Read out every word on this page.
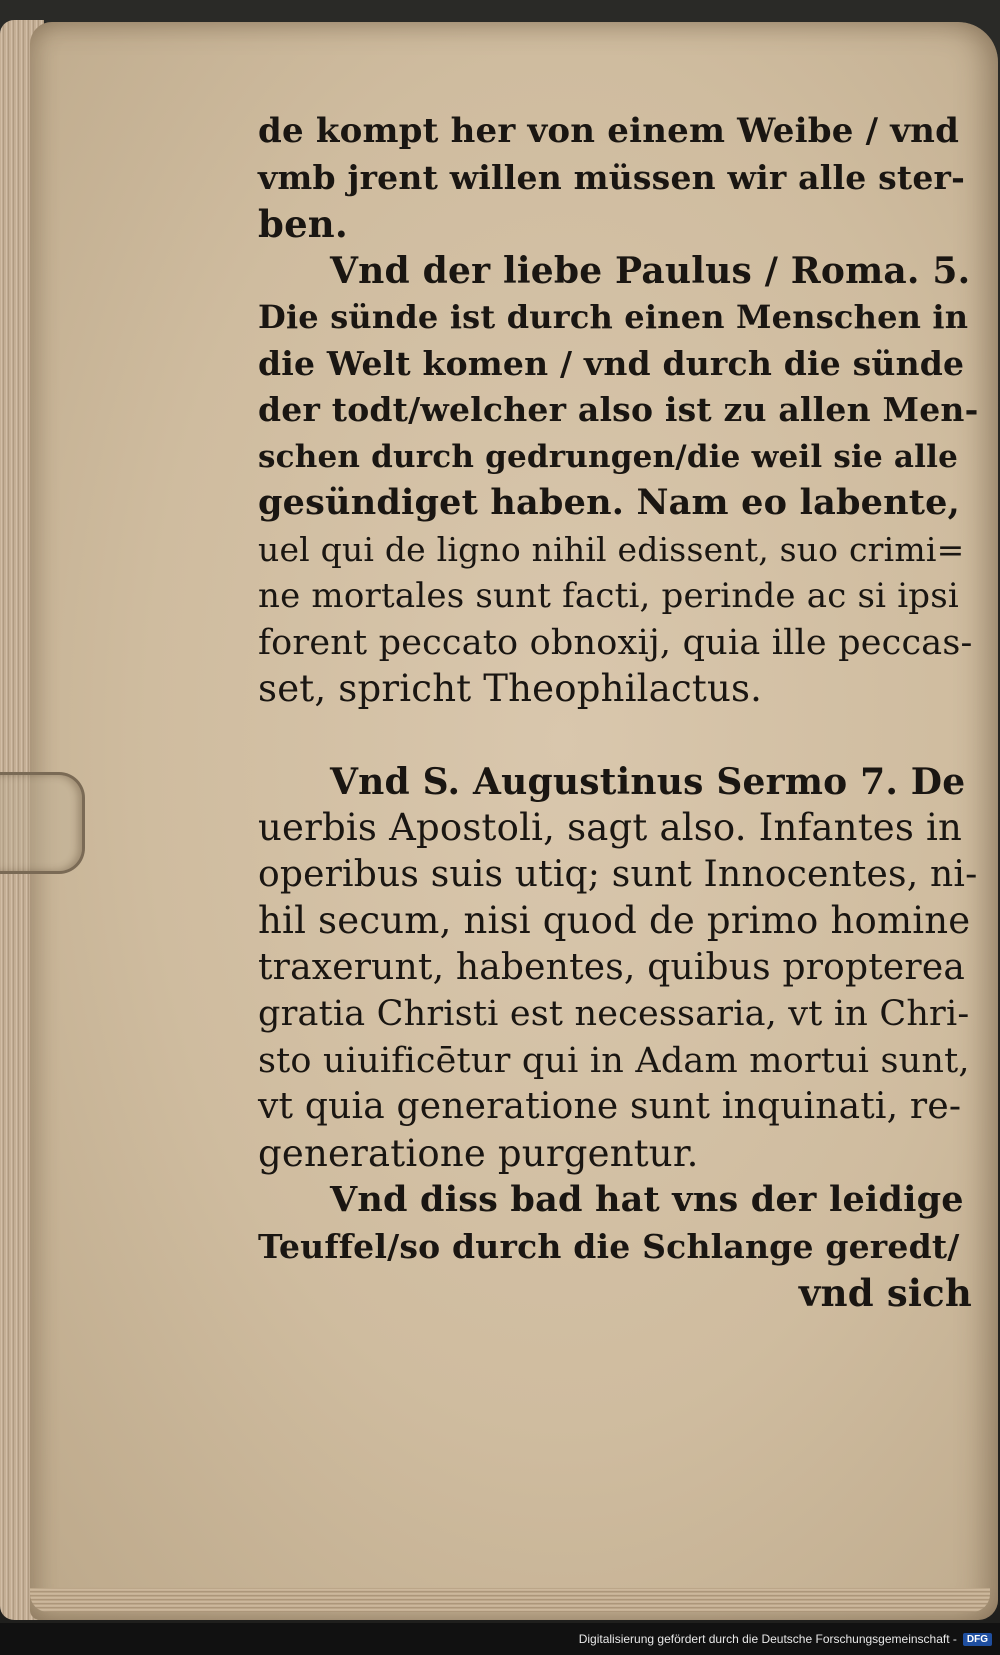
de kompt her von einem Weibe / vnd
vmb jrent willen müssen wir alle ster-
ben.
Vnd der liebe Paulus / Roma. 5.
Die sünde ist durch einen Menschen in
die Welt komen / vnd durch die sünde
der todt/welcher also ist zu allen Men-
schen durch gedrungen/die weil sie alle
gesündiget haben. Nam eo labente,
uel qui de ligno nihil edissent, suo crimi=
ne mortales sunt facti, perinde ac si ipsi
forent peccato obnoxij, quia ille peccas-
set, spricht Theophilactus.
Vnd S. Augustinus Sermo 7. De
uerbis Apostoli, sagt also. Infantes in
operibus suis utiq; sunt Innocentes, ni-
hil secum, nisi quod de primo homine
traxerunt, habentes, quibus propterea
gratia Christi est necessaria, vt in Chri-
sto uiuificētur qui in Adam mortui sunt,
vt quia generatione sunt inquinati, re-
generatione purgentur.
Vnd diss bad hat vns der leidige
Teuffel/so durch die Schlange geredt/
vnd sich
Digitalisierung gefördert durch die Deutsche Forschungsgemeinschaft -	DFG
